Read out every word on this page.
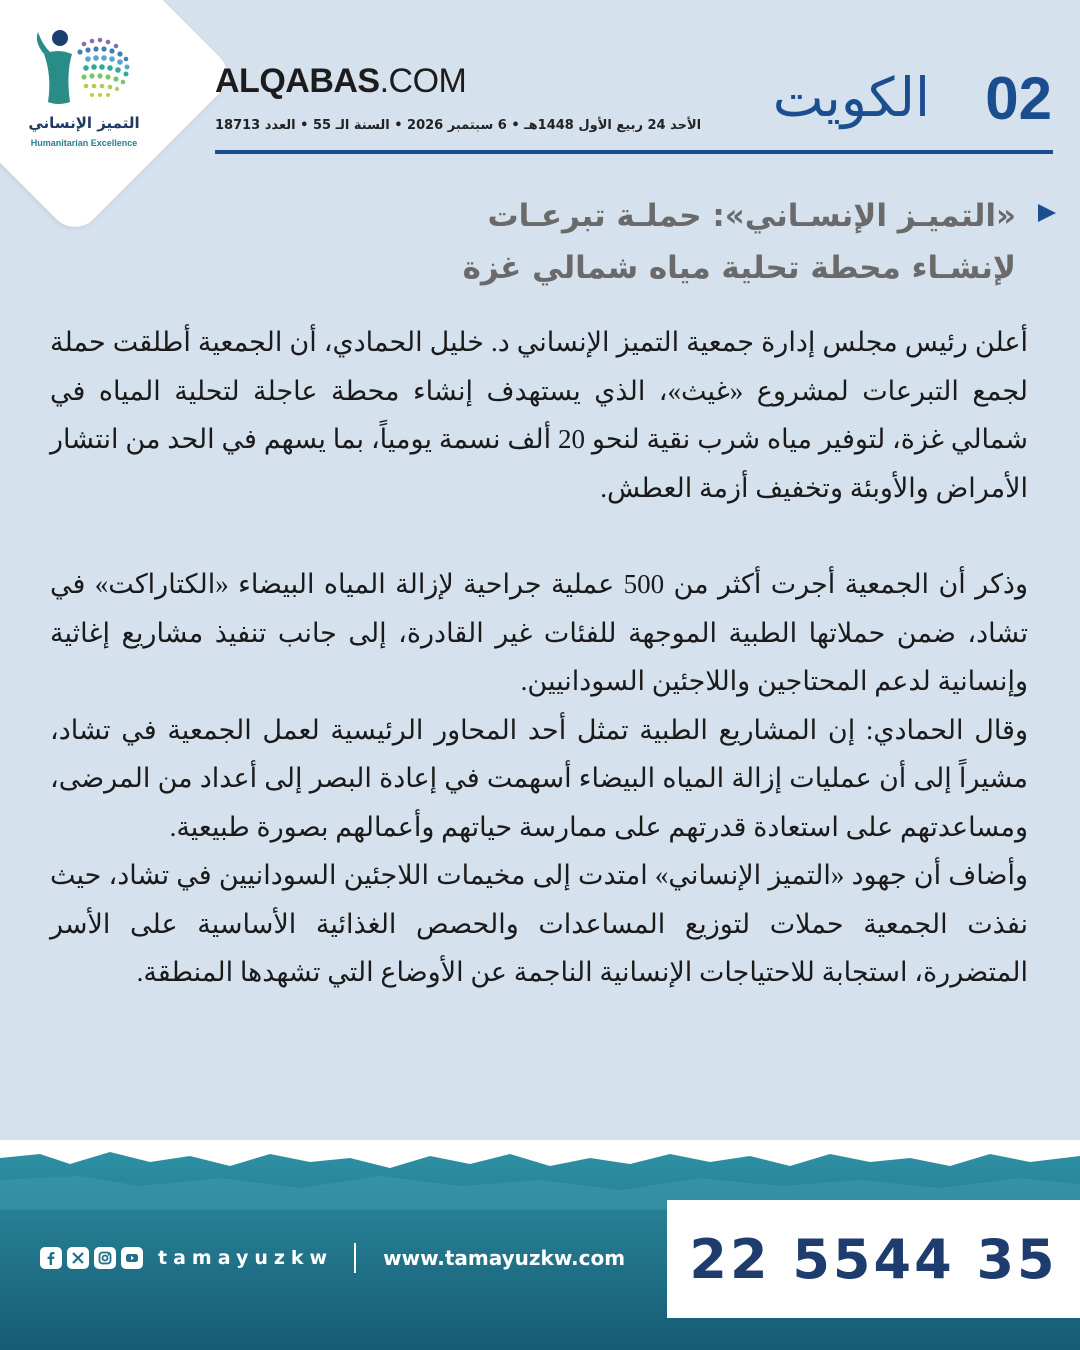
التميز الإنساني
Humanitarian Excellence
ALQABAS.COM
الأحد 24 ربيع الأول 1448هـ • 6 سبتمبر 2026 • السنة الـ 55 • العدد 18713 الكويت 02
«التميـز الإنسـاني»: حملـة تبرعـات
لإنشـاء محطة تحلية مياه شمالي غزة

أعلن رئيس مجلس إدارة جمعية التميز الإنساني د. خليل الحمادي، أن الجمعية أطلقت حملة لجمع التبرعات لمشروع «غيث»، الذي يستهدف إنشاء محطة عاجلة لتحلية المياه في شمالي غزة، لتوفير مياه شرب نقية لنحو 20 ألف نسمة يومياً، بما يسهم في الحد من انتشار الأمراض والأوبئة وتخفيف أزمة العطش.

وذكر أن الجمعية أجرت أكثر من 500 عملية جراحية لإزالة المياه البيضاء «الكتاراكت» في تشاد، ضمن حملاتها الطبية الموجهة للفئات غير القادرة، إلى جانب تنفيذ مشاريع إغاثية وإنسانية لدعم المحتاجين واللاجئين السودانيين.

وقال الحمادي: إن المشاريع الطبية تمثل أحد المحاور الرئيسية لعمل الجمعية في تشاد، مشيراً إلى أن عمليات إزالة المياه البيضاء أسهمت في إعادة البصر إلى أعداد من المرضى، ومساعدتهم على استعادة قدرتهم على ممارسة حياتهم وأعمالهم بصورة طبيعية.

وأضاف أن جهود «التميز الإنساني» امتدت إلى مخيمات اللاجئين السودانيين في تشاد، حيث نفذت الجمعية حملات لتوزيع المساعدات والحصص الغذائية الأساسية على الأسر المتضررة، استجابة للاحتياجات الإنسانية الناجمة عن الأوضاع التي تشهدها المنطقة.

tamayuzkw	www.tamayuzkw.com 22 5544 35
